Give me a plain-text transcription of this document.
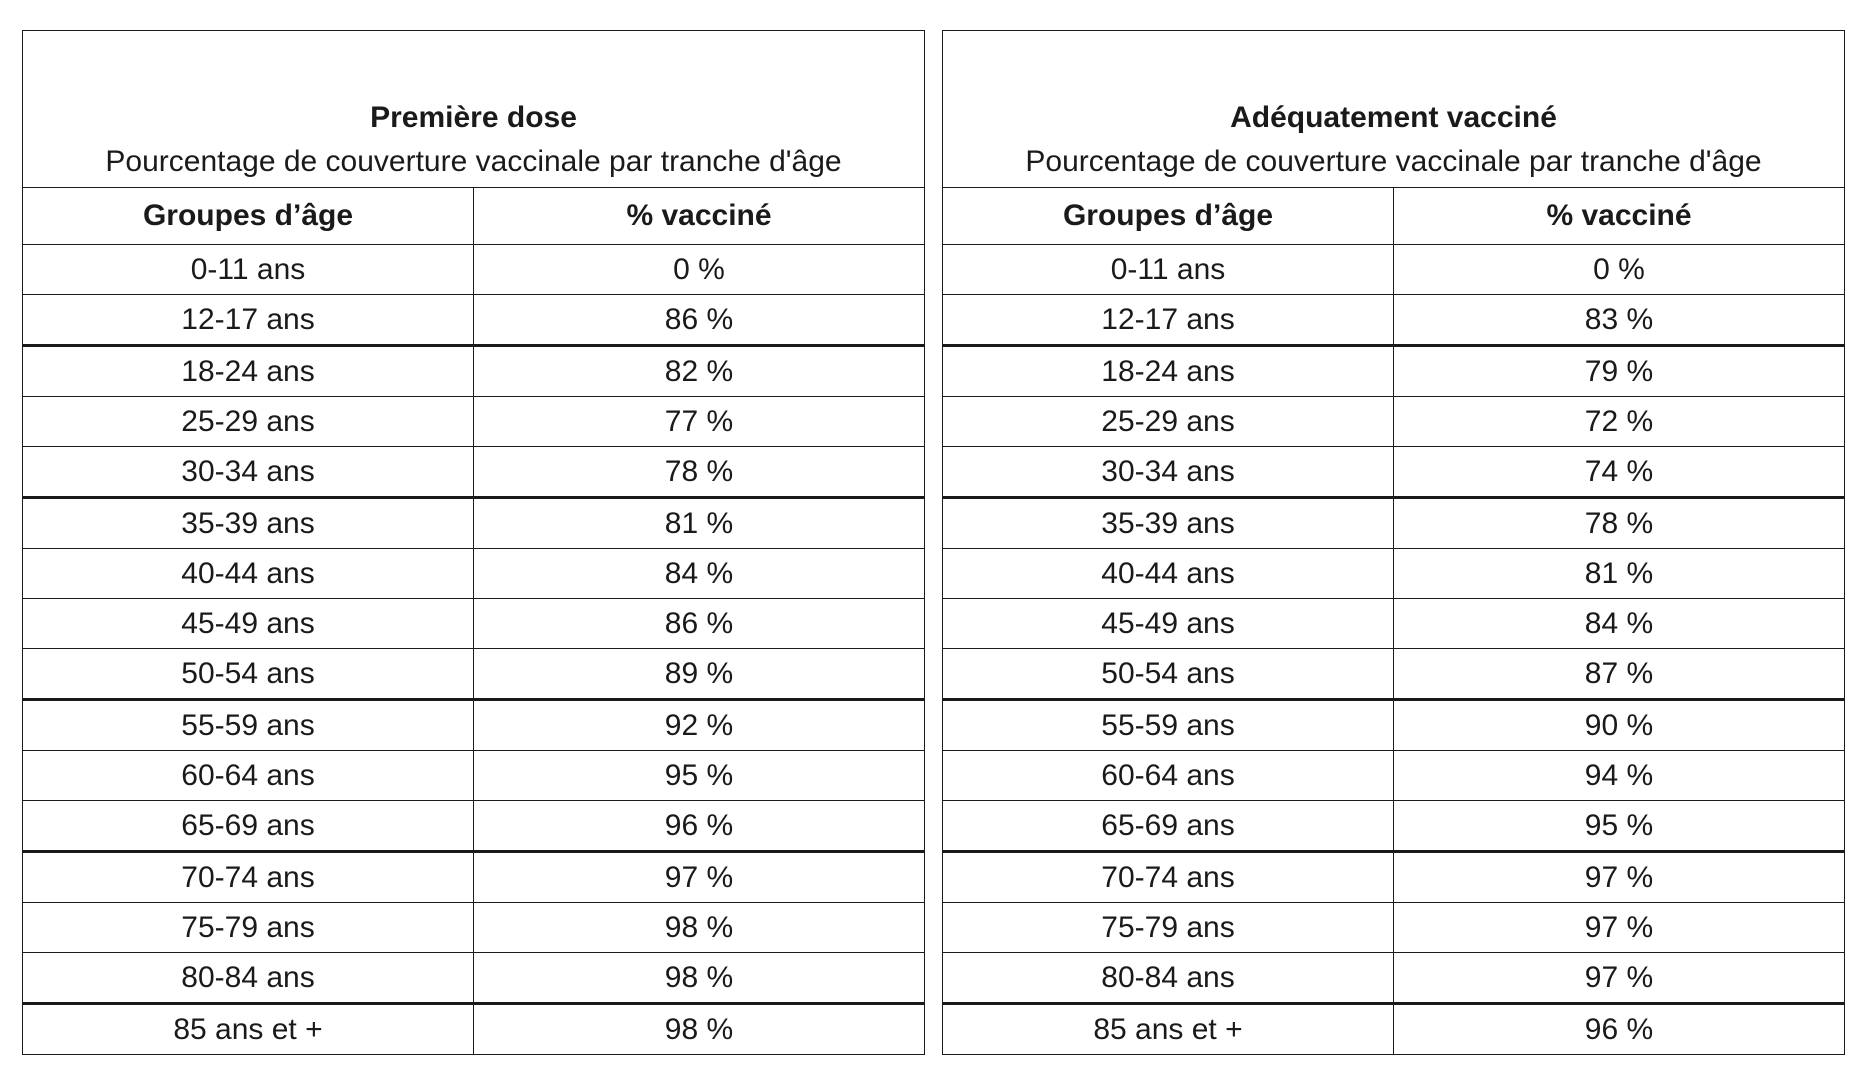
Première dose
Pourcentage de couverture vaccinale par tranche d'âge	

Groupes d’âge	% vacciné
0-11 ans	0 %
12-17 ans	86 %
18-24 ans	82 %
25-29 ans	77 %
30-34 ans	78 %
35-39 ans	81 %
40-44 ans	84 %
45-49 ans	86 %
50-54 ans	89 %
55-59 ans	92 %
60-64 ans	95 %
65-69 ans	96 %
70-74 ans	97 %
75-79 ans	98 %
80-84 ans	98 %
85 ans et +	98 %
Adéquatement vacciné
Pourcentage de couverture vaccinale par tranche d'âge	

Groupes d’âge	% vacciné
0-11 ans	0 %
12-17 ans	83 %
18-24 ans	79 %
25-29 ans	72 %
30-34 ans	74 %
35-39 ans	78 %
40-44 ans	81 %
45-49 ans	84 %
50-54 ans	87 %
55-59 ans	90 %
60-64 ans	94 %
65-69 ans	95 %
70-74 ans	97 %
75-79 ans	97 %
80-84 ans	97 %
85 ans et +	96 %
